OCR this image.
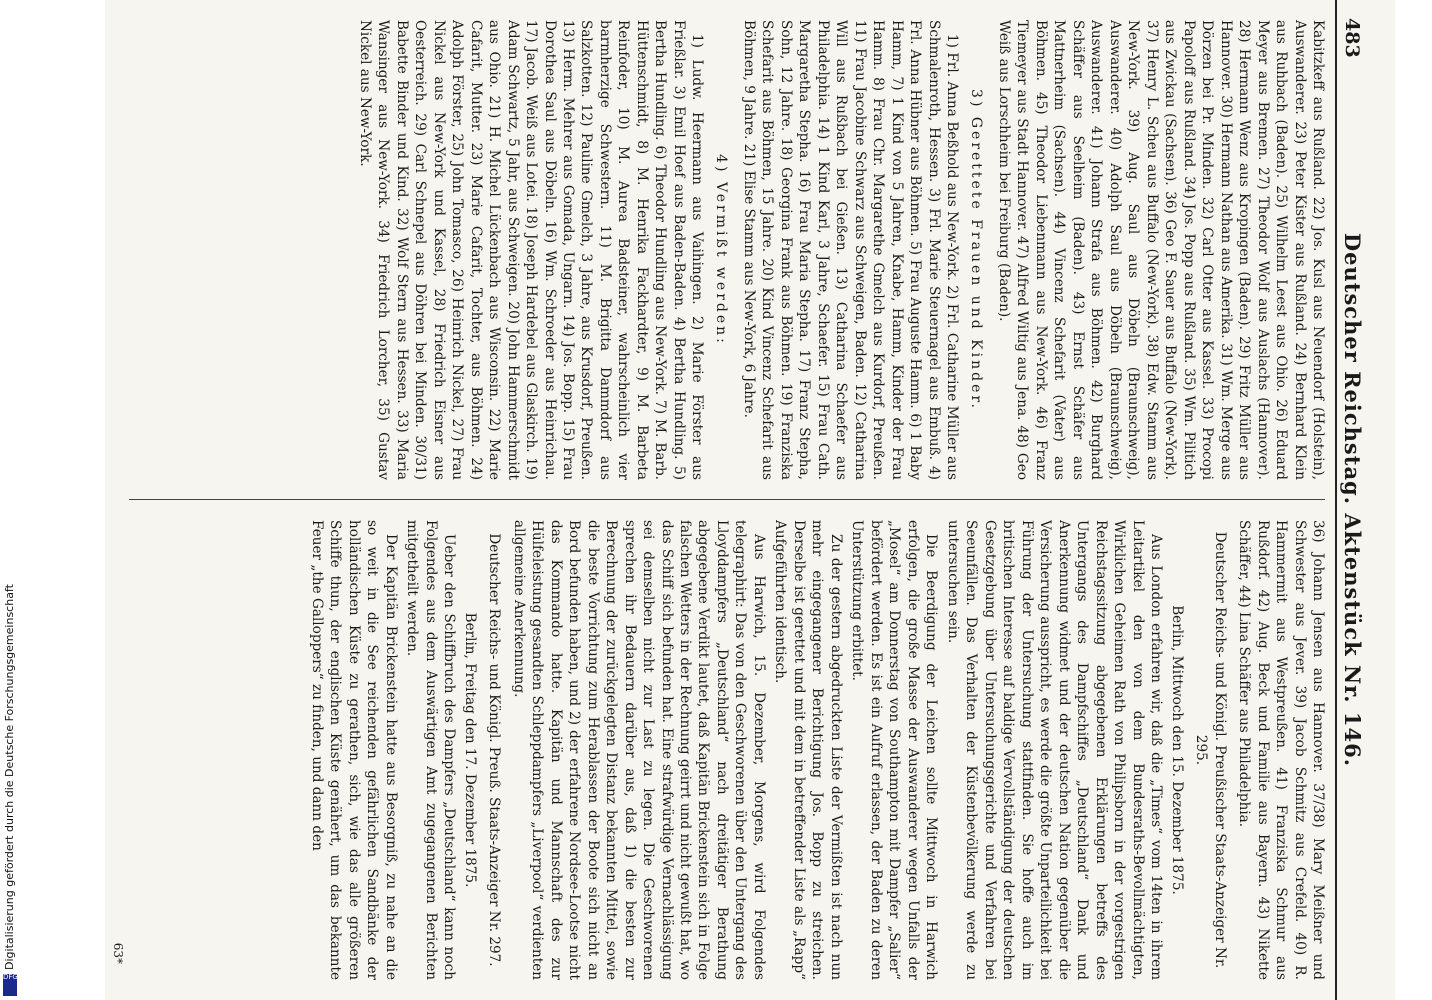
Digitalisierung gefördert durch die Deutsche Forschungsgemeinschaft
DFG
Deutscher Reichstag. Aktenstück Nr. 146.
483

Kabitzkeff aus Rußland. 22) Jos. Kusl aus Neuendorf (Holstein), Auswanderer. 23) Peter Kister aus Rußland. 24) Bernhard Klein aus Ruhbach (Baden). 25) Wilhelm Leest aus Ohio. 26) Eduard Meyer aus Bremen. 27) Theodor Wolf aus Auslachs (Hannover). 28) Hermann Wenz aus Kropingen (Baden). 29) Fritz Müller aus Hannover. 30) Hermann Nathan aus Amerika. 31) Wm. Merge aus Dörzen bei Pr. Minden. 32) Carl Otter aus Kassel. 33) Procopi Papoloff aus Rußland. 34) Jos. Popp aus Rußland. 35) Wm. Pilitich aus Zwickau (Sachsen). 36) Geo F. Sauer aus Buffalo (New-York). 37) Henry L. Scheu aus Buffalo (New-York). 38) Edw. Stamm aus New-York. 39) Aug. Saul aus Döbeln (Braunschweig), Auswanderer. 40) Adolph Saul aus Döbeln (Braunschweig), Auswanderer. 41) Johann Strafa aus Böhmen. 42) Burghard Schäffer aus Seelheim (Baden). 43) Ernst Schäfer aus Mattnerheim (Sachsen). 44) Vincenz Schefarit (Vater) aus Böhmen. 45) Theodor Liebenmann aus New-York. 46) Franz Tiemeyer aus Stadt Hannover. 47) Alfred Wiltig aus Jena. 48) Geo Weiß aus Lorschheim bei Freiburg (Baden).

3) Gerettete Frauen und Kinder.

1) Frl. Anna Beßhold aus New-York. 2) Frl. Catharine Müller aus Schmalenroth, Hessen. 3) Frl. Marie Steuernagel aus Embuß. 4) Frl. Anna Hübner aus Böhmen. 5) Frau Auguste Hamm. 6) 1 Baby Hamm, 7) 1 Kind von 5 Jahren, Knabe, Hamm, Kinder der Frau Hamm. 8) Frau Chr. Margarethe Gmelch aus Kurdorf, Preußen. 11) Frau Jacobine Schwarz aus Schweigen, Baden. 12) Catharina Will aus Rußbach bei Gießen. 13) Catharina Schaefer aus Philadelphia. 14) 1 Kind Karl, 3 Jahre, Schaefer. 15) Frau Cath. Margaretha Stepha. 16) Frau Maria Stepha. 17) Franz Stepha, Sohn, 12 Jahre. 18) Georgina Frank aus Böhmen. 19) Franziska Schefarit aus Böhmen, 15 Jahre. 20) Kind Vincenz Schefarit aus Böhmen, 9 Jahre. 21) Elise Stamm aus New-York, 6 Jahre.

4) Vermißt werden:

1) Ludw. Heermann aus Vaihingen. 2) Marie Förster aus Frießlar. 3) Emil Hoef aus Baden-Baden. 4) Bertha Hundling. 5) Bertha Hundling. 6) Theodor Hundling aus New-York. 7) M. Barb. Hüttenschmidt, 8) M. Henrika Fackhardter, 9) M. Barbeta Reinfoder, 10) M. Aurea Badsteiner, wahrscheinlich vier barmherzige Schwestern. 11) M. Brigitta Dammdorf aus Salzkotten. 12) Pauline Gmelch, 3 Jahre, aus Krusdorf, Preußen. 13) Herm. Mehrer aus Gomada, Ungarn. 14) Jos. Bopp. 15) Frau Dorothea Saul aus Döbeln. 16) Wm. Schroeder aus Heinrichau. 17) Jacob. Weiß aus Lotei. 18) Joseph Hardebel aus Glaskirch. 19) Adam Schwartz, 5 Jahr, aus Schweigen. 20) John Hammerschmidt aus Ohio. 21) H. Michel Lückenbach aus Wisconsin. 22) Marie Cafarit, Mutter. 23) Marie Cafarit, Tochter, aus Böhmen. 24) Adolph Förster, 25) John Tomasco, 26) Heinrich Nickel, 27) Frau Nickel aus New-York und Kassel, 28) Friedrich Eisner aus Oesterreich. 29) Carl Schnepel aus Döhren bei Minden. 30/31) Babette Binder und Kind. 32) Wolf Stern aus Hessen. 33) Maria Wansinger aus New-York. 34) Friedrich Lorcher, 35) Gustav Nickel aus New-York.

36) Johann Jensen aus Hannover. 37/38) Mary Meißner und Schwester aus Jever. 39) Jacob Schmitz aus Crefeld. 40) R. Hammermit aus Westpreußen. 41) Franziska Schmur aus Rußdorf. 42) Aug. Beck und Familie aus Bayern. 43) Nikette Schäffer, 44) Lina Schäffer aus Philadelphia.

Deutscher Reichs- und Königl. Preußischer Staats-Anzeiger Nr. 295.

Berlin, Mittwoch den 15. Dezember 1875.

Aus London erfahren wir, daß die „Times“ vom 14ten in ihrem Leitartikel den von dem Bundesraths-Bevollmächtigten, Wirklichen Geheimen Rath von Philipsborn in der vorgestrigen Reichstagssitzung abgegebenen Erklärungen betreffs des Untergangs des Dampfschiffes „Deutschland“ Dank und Anerkennung widmet und der deutschen Nation gegenüber die Versicherung ausspricht, es werde die größte Unparteilichkeit bei Führung der Untersuchung stattfinden. Sie hoffe auch im britischen Interesse auf baldige Vervollständigung der deutschen Gesetzgebung über Untersuchungsgerichte und Verfahren bei Seeunfällen. Das Verhalten der Küstenbevölkerung werde zu untersuchen sein.

Die Beerdigung der Leichen sollte Mittwoch in Harwich erfolgen, die große Masse der Auswanderer wegen Unfalls der „Mosel“ am Donnerstag von Southampton mit Dampfer „Salier“ befördert werden. Es ist ein Aufruf erlassen, der Baden zu deren Unterstützung erbittet.

Zu der gestern abgedruckten Liste der Vermißten ist nach nun mehr eingegangener Berichtigung Jos. Bopp zu streichen. Derselbe ist gerettet und mit dem in betreffender Liste als „Rapp“ Aufgeführten identisch.

Aus Harwich, 15. Dezember, Morgens, wird Folgendes telegraphirt: Das von den Geschworenen über den Untergang des Lloyddampfers „Deutschland“ nach dreitätiger Berathung abgegebene Verdikt lautet, daß Kapitän Brickenstein sich in Folge falschen Wetters in der Rechnung geirrt und nicht gewußt hat, wo das Schiff sich befunden hat. Eine strafwürdige Vernachlässigung sei demselben nicht zur Last zu legen. Die Geschworenen sprechen ihr Bedauern darüber aus, daß 1) die besten zur Berechnung der zurückgelegten Distanz bekannten Mittel, sowie die beste Vorrichtung zum Herablassen der Boote sich nicht an Bord befunden haben, und 2) der erfahrene Nordsee-Lootse nicht das Kommando hatte. Kapitän und Mannschaft des zur Hülfeleistung gesandten Schleppdampfers „Liverpool“ verdienten allgemeine Anerkennung.

Deutscher Reichs- und Königl. Preuß. Staats-Anzeiger Nr. 297.

Berlin, Freitag den 17. Dezember 1875.

Ueber den Schiffbruch des Dampfers „Deutschland“ kann noch Folgendes aus dem Auswärtigen Amt zugegangenen Berichten mitgetheilt werden.

Der Kapitän Brickenstein hatte aus Besorgniß, zu nahe an die so weit in die See reichenden gefährlichen Sandbänke der holländischen Küste zu gerathen, sich, wie das alle größeren Schiffe thun, der englischen Küste genähert, um das bekannte Feuer „the Galloppers“ zu finden, und dann den

63*
